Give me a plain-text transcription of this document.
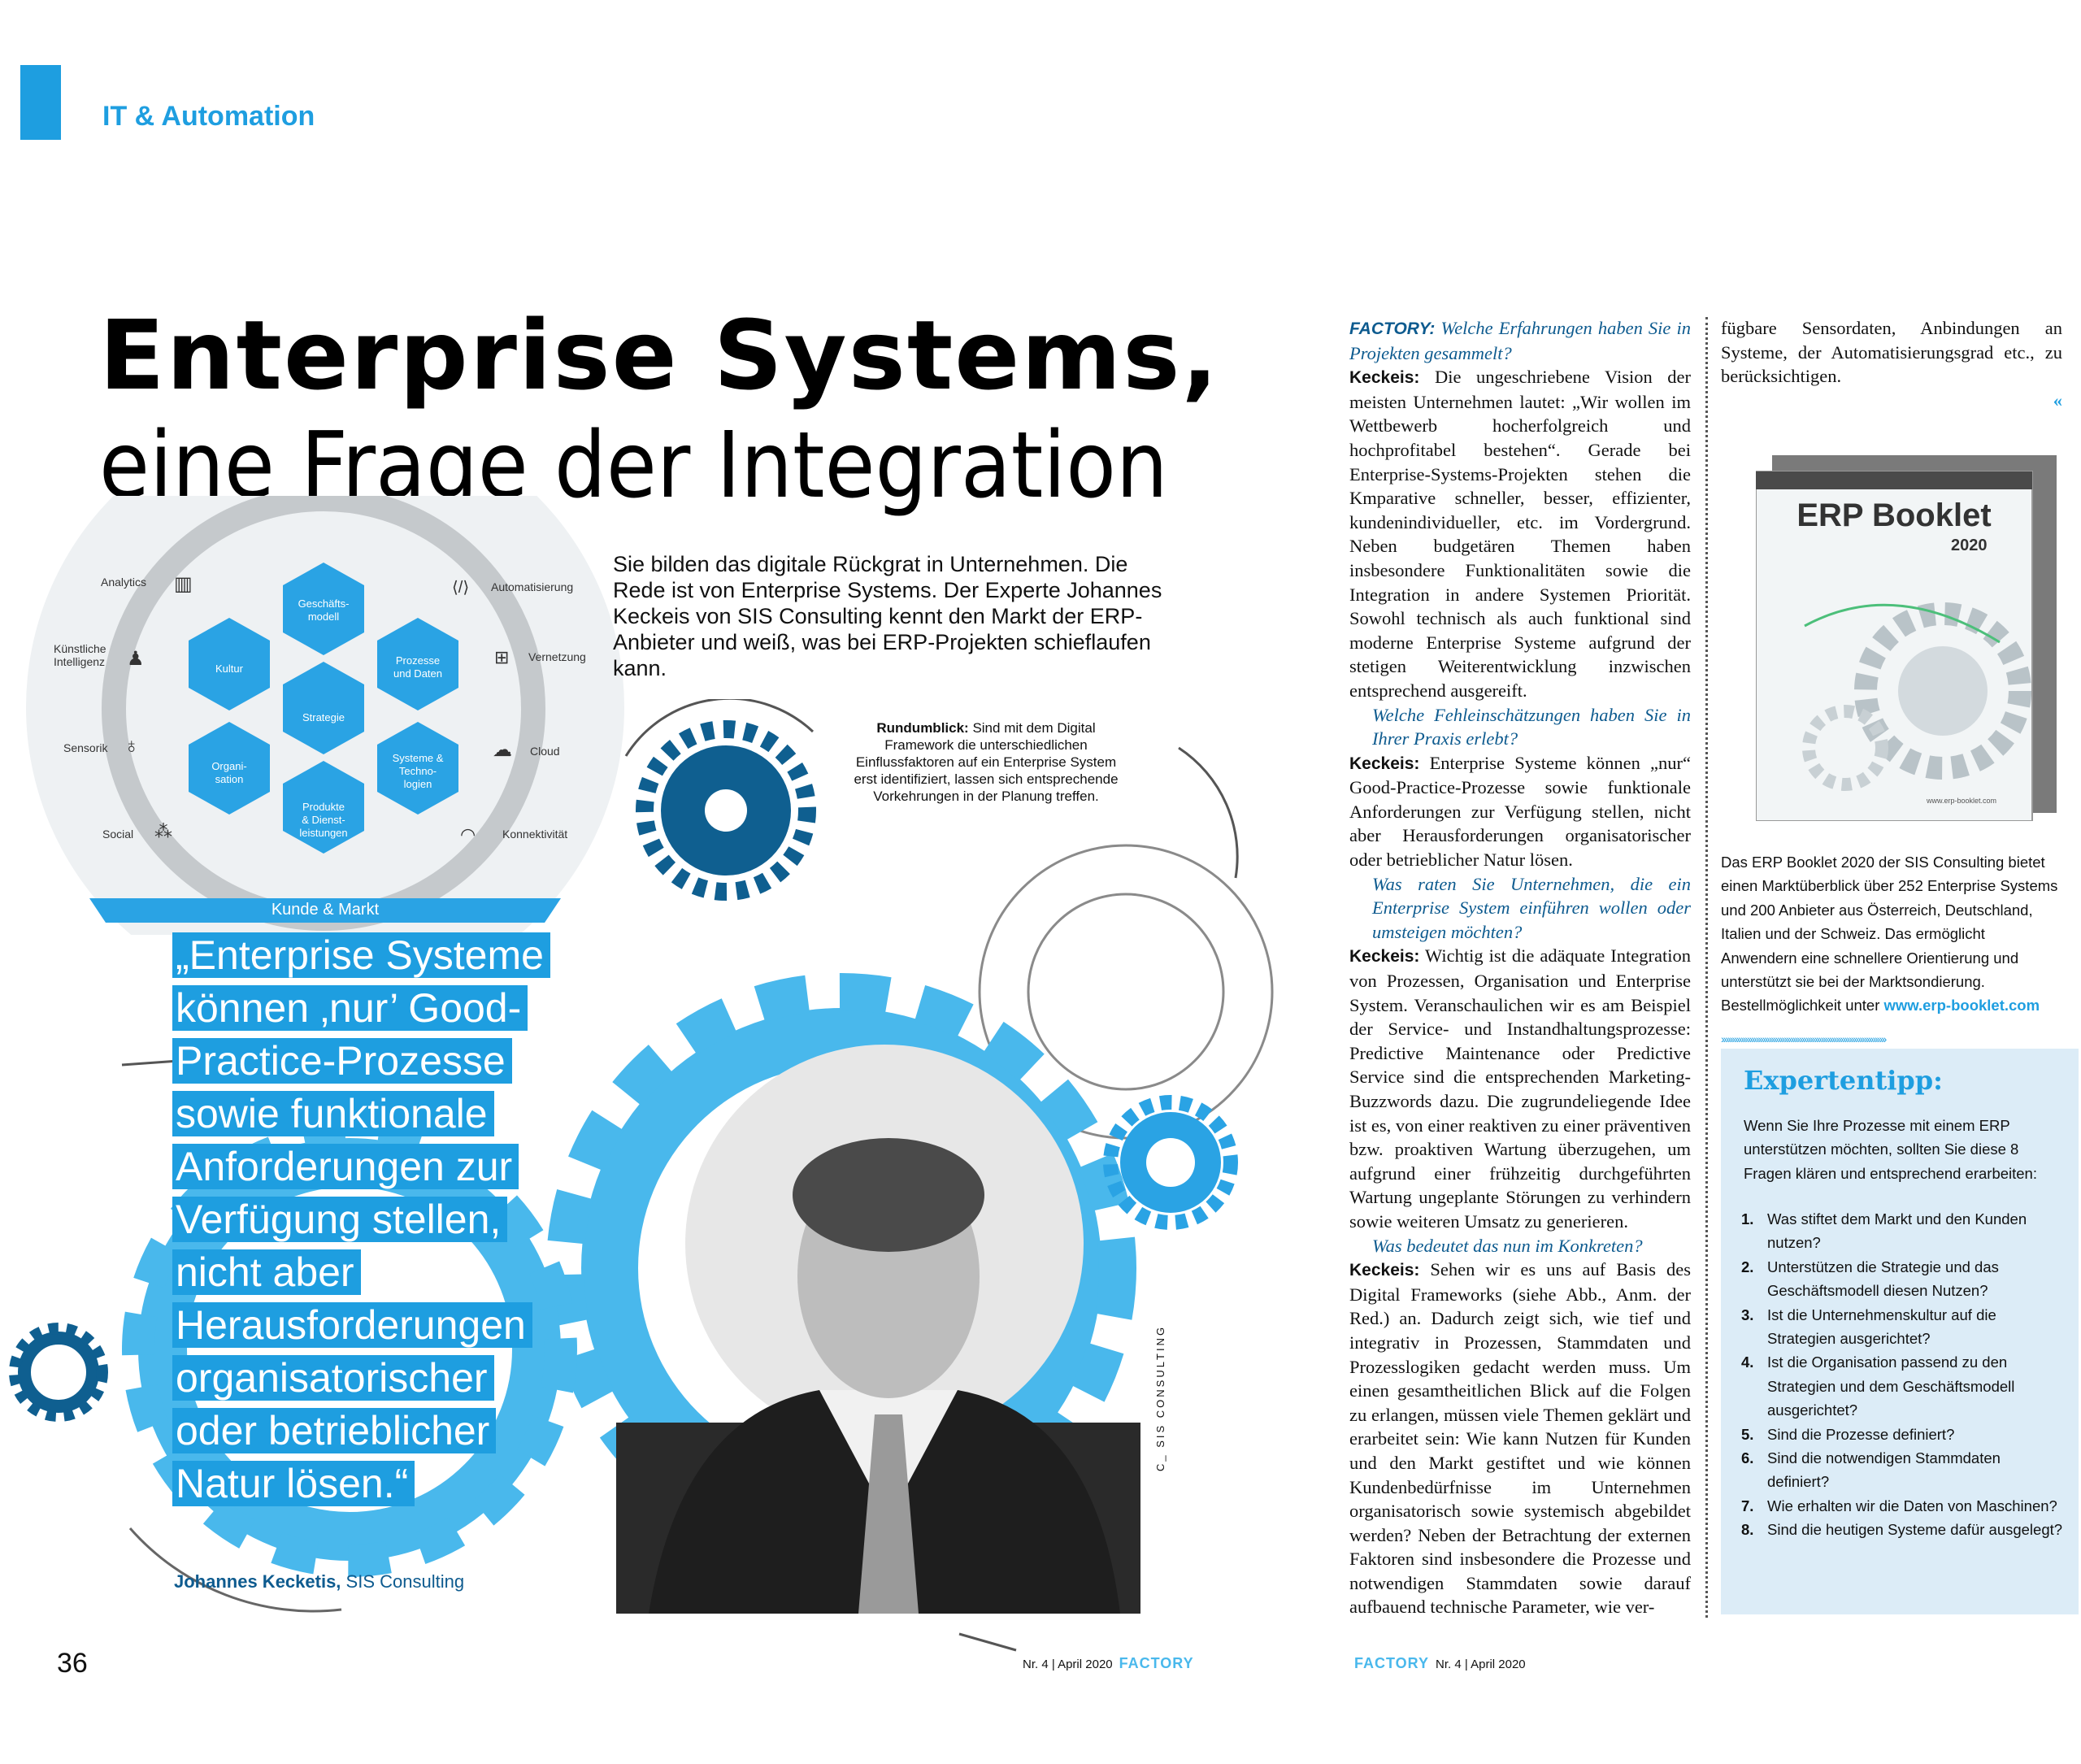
IT & Automation
Enterprise Systems,
eine Frage der Integration
Geschäfts-
modell
Kultur
Prozesse
und Daten
Strategie
Organi-
sation
Systeme &
Techno-
logien
Produkte
& Dienst-
leistungen
Analytics ▥
Künstliche
Intelligenz ♟
Sensorik ♁
Social ⁂
⟨/⟩ Automatisierung
⊞ Vernetzung
☁ Cloud
◠ Konnektivität
Kunde & Markt
Sie bilden das digitale Rückgrat in Unternehmen. Die Rede ist von Enterprise Systems. Der Experte Johannes Keckeis von SIS Consulting kennt den Markt der ERP-Anbieter und weiß, was bei ERP-Projekten schieflaufen kann.
C_ SIS CONSULTING
Rundumblick: Sind mit dem Digital Framework die unterschiedlichen Einflussfaktoren auf ein Enterprise System erst identifiziert, lassen sich entsprechende Vorkehrungen in der Planung treffen.
„Enterprise Systeme können ‚nur’ Good-Practice-Prozesse sowie funktionale Anforderungen zur Verfügung stellen, nicht aber Herausforderungen organisatorischer oder betrieblicher Natur lösen.“
Johannes Kecketis, SIS Consulting

FACTORY: Welche Erfahrungen haben Sie in Projekten gesammelt?

Keckeis: Die ungeschriebene Vision der meisten Unternehmen lautet: „Wir wollen im Wettbewerb hocherfolgreich und hochprofitabel bestehen“. Gerade bei Enterprise-Systems-Projekten stehen die Kmparative schneller, besser, effizienter, kundenindividueller, etc. im Vordergrund. Neben budgetären Themen haben insbesondere Funktionalitäten sowie die Integration in andere Systemen Priorität. Sowohl technisch als auch funktional sind moderne Enterprise Systeme aufgrund der stetigen Weiterentwicklung inzwischen entsprechend ausgereift.

Welche Fehleinschätzungen haben Sie in Ihrer Praxis erlebt?

Keckeis: Enterprise Systeme können „nur“ Good-Practice-Prozesse sowie funktionale Anforderungen zur Verfügung stellen, nicht aber Herausforderungen organisatorischer oder betrieblicher Natur lösen.

Was raten Sie Unternehmen, die ein Enterprise System einführen wollen oder umsteigen möchten?

Keckeis: Wichtig ist die adäquate Integration von Prozessen, Organisation und Enterprise System. Veranschaulichen wir es am Beispiel der Service- und Instandhaltungsprozesse: Predictive Maintenance oder Predictive Service sind die entsprechenden Marketing-Buzzwords dazu. Die zugrundeliegende Idee ist es, von einer reaktiven zu einer präventiven bzw. proaktiven Wartung überzugehen, um aufgrund einer frühzeitig durchgeführten Wartung ungeplante Störungen zu verhindern sowie weiteren Umsatz zu generieren.

Was bedeutet das nun im Konkreten?

Keckeis: Sehen wir es uns auf Basis des Digital Frameworks (siehe Abb., Anm. der Red.) an. Dadurch zeigt sich, wie tief und integrativ in Prozessen, Stammdaten und Prozesslogiken gedacht werden muss. Um einen gesamtheitlichen Blick auf die Folgen zu erlangen, müssen viele Themen geklärt und erarbeitet sein: Wie kann Nutzen für Kunden und den Markt gestiftet und wie können Kundenbedürfnisse im Unternehmen organisatorisch sowie systemisch abgebildet werden? Neben der Betrachtung der externen Faktoren sind insbesondere die Prozesse und notwendigen Stammdaten sowie darauf aufbauend technische Parameter, wie ver-

fügbare Sensordaten, Anbindungen an Systeme, der Automatisierungsgrad etc., zu berücksichtigen.

«

ERP Booklet
2020
www.erp-booklet.com
Das ERP Booklet 2020 der SIS Consulting bietet einen Marktüberblick über 252 Enterprise Systems und 200 Anbieter aus Österreich, Deutschland, Italien und der Schweiz. Das ermöglicht Anwendern eine schnellere Orientierung und unterstützt sie bei der Marktsondierung. Bestellmöglichkeit unter www.erp-booklet.com
››››››››››››››››››››››››››››››››››››››››››››››››››››››››››››››››››››››››››››
Expertentipp:
Wenn Sie Ihre Prozesse mit einem ERP unterstützen möchten, sollten Sie diese 8 Fragen klären und entsprechend erarbeiten:
1. Was stiftet dem Markt und den Kunden nutzen?
2. Unterstützen die Strategie und das Geschäftsmodell diesen Nutzen?
3. Ist die Unternehmenskultur auf die Strategien ausgerichtet?
4. Ist die Organisation passend zu den Strategien und dem Geschäftsmodell ausgerichtet?
5. Sind die Prozesse definiert?
6. Sind die notwendigen Stammdaten definiert?
7. Wie erhalten wir die Daten von Maschinen?
8. Sind die heutigen Systeme dafür ausgelegt?
36	Nr. 4 | April 2020 FACTORY	FACTORY Nr. 4 | April 2020
